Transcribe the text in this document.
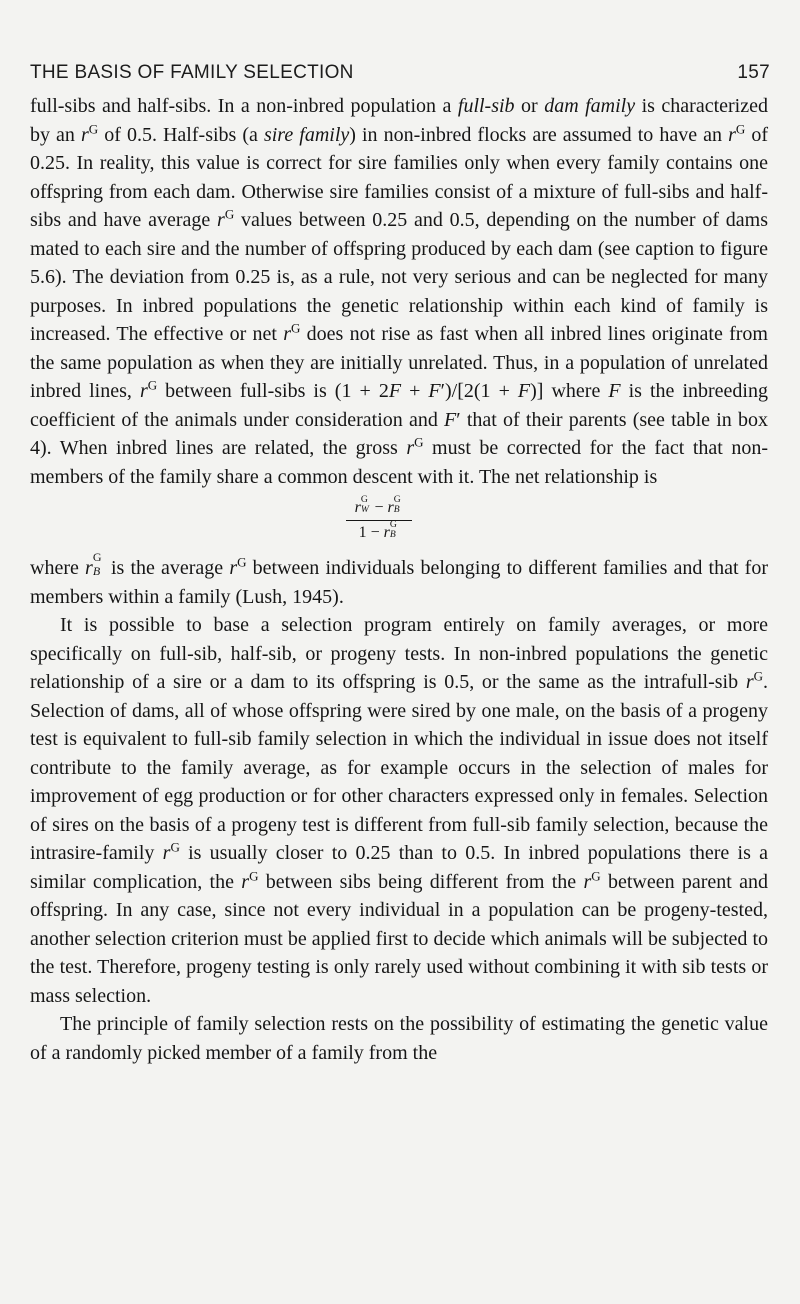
THE BASIS OF FAMILY SELECTION	157

full-sibs and half-sibs. In a non-inbred population a full-sib or dam family is characterized by an $r^G$ of 0.5. Half-sibs (a sire family) in non-inbred flocks are assumed to have an $r^G$ of 0.25. In reality, this value is correct for sire families only when every family contains one offspring from each dam. Otherwise sire families consist of a mixture of full-sibs and half-sibs and have average $r^G$ values between 0.25 and 0.5, depending on the number of dams mated to each sire and the number of offspring produced by each dam (see caption to figure 5.6). The deviation from 0.25 is, as a rule, not very serious and can be neglected for many purposes. In inbred populations the genetic relationship within each kind of family is increased. The effective or net $r^G$ does not rise as fast when all inbred lines originate from the same population as when they are initially unrelated. Thus, in a population of unrelated inbred lines, $r^G$ between full-sibs is (1 + 2F + F′)/[2(1 + F)] where F is the inbreeding coefficient of the animals under consideration and F′ that of their parents (see table in box 4). When inbred lines are related, the gross $r^G$ must be corrected for the fact that non-members of the family share a common descent with it. The net relationship is

r G
W − r G
B
1 − r G
B

where r G
B is the average $r^G$ between individuals belonging to different families and that for members within a family (Lush, 1945).

It is possible to base a selection program entirely on family averages, or more specifically on full-sib, half-sib, or progeny tests. In non-inbred populations the genetic relationship of a sire or a dam to its offspring is 0.5, or the same as the intrafull-sib $r^G$. Selection of dams, all of whose offspring were sired by one male, on the basis of a progeny test is equivalent to full-sib family selection in which the individual in issue does not itself contribute to the family average, as for example occurs in the selection of males for improvement of egg production or for other characters expressed only in females. Selection of sires on the basis of a progeny test is different from full-sib family selection, because the intrasire-family $r^G$ is usually closer to 0.25 than to 0.5. In inbred populations there is a similar complication, the $r^G$ between sibs being different from the $r^G$ between parent and offspring. In any case, since not every individual in a population can be progeny-tested, another selection criterion must be applied first to decide which animals will be subjected to the test. Therefore, progeny testing is only rarely used without combining it with sib tests or mass selection.

The principle of family selection rests on the possibility of estimating the genetic value of a randomly picked member of a family from the
